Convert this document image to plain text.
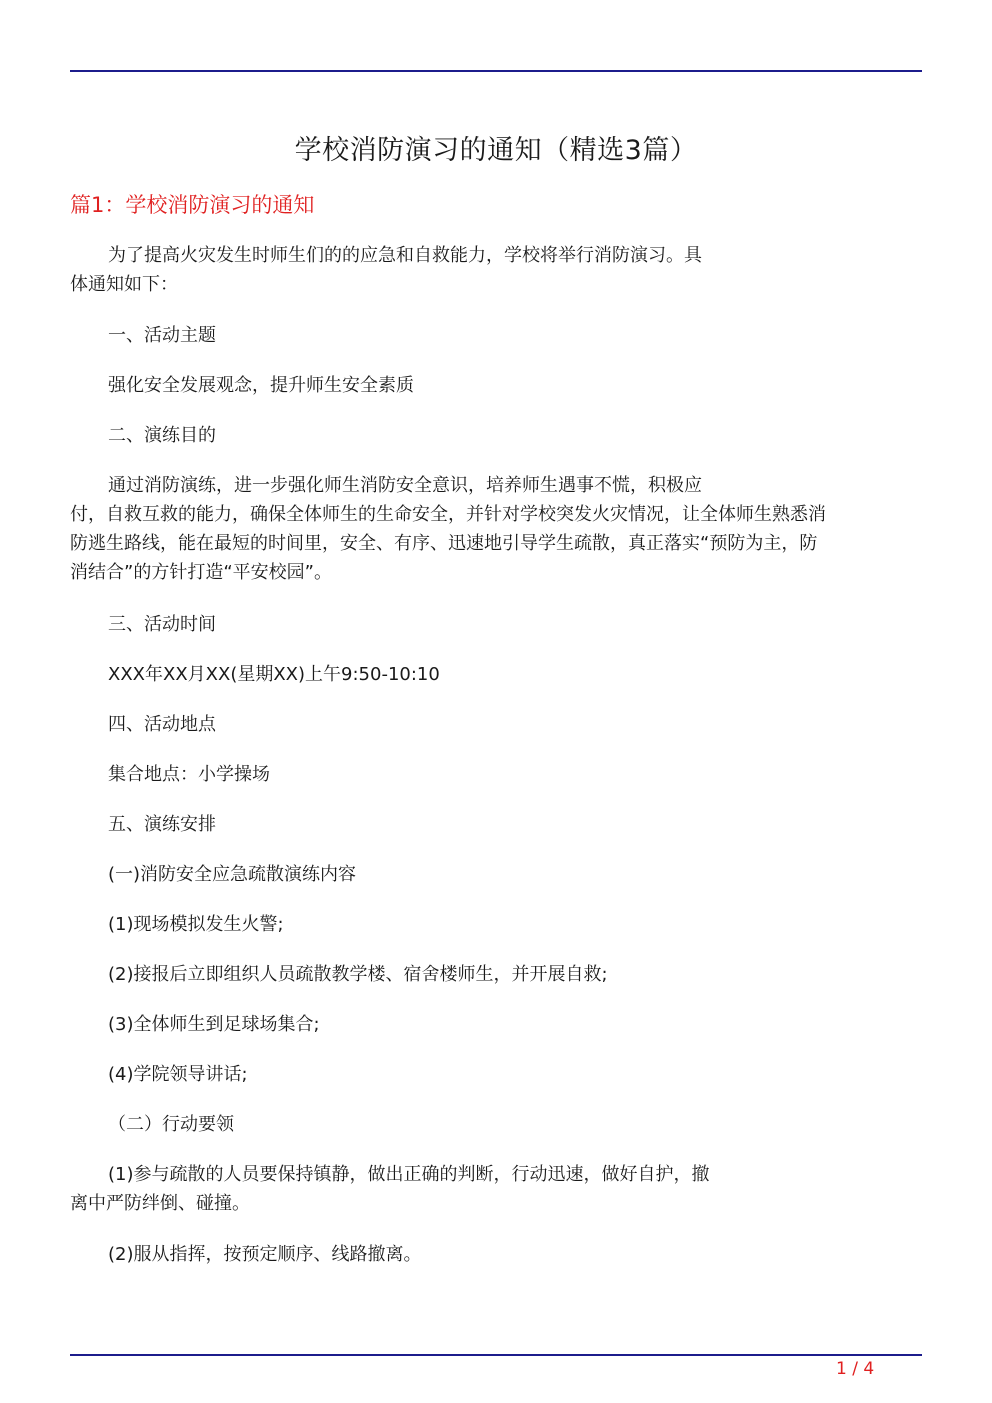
学校消防演习的通知（精选3篇）
篇1：学校消防演习的通知

为了提高火灾发生时师生们的的应急和自救能力，学校将举行消防演习。具
体通知如下：

一、活动主题

强化安全发展观念，提升师生安全素质

二、演练目的

通过消防演练，进一步强化师生消防安全意识，培养师生遇事不慌，积极应
付，自救互救的能力，确保全体师生的生命安全，并针对学校突发火灾情况，让全体师生熟悉消
防逃生路线，能在最短的时间里，安全、有序、迅速地引导学生疏散，真正落实“预防为主，防
消结合”的方针打造“平安校园”。

三、活动时间

XXX年XX月XX(星期XX)上午9:50-10:10

四、活动地点

集合地点：小学操场

五、演练安排

(一)消防安全应急疏散演练内容

(1)现场模拟发生火警;

(2)接报后立即组织人员疏散教学楼、宿舍楼师生，并开展自救;

(3)全体师生到足球场集合;

(4)学院领导讲话;

（二）行动要领

(1)参与疏散的人员要保持镇静，做出正确的判断，行动迅速，做好自护，撤
离中严防绊倒、碰撞。

(2)服从指挥，按预定顺序、线路撤离。

1 / 4
